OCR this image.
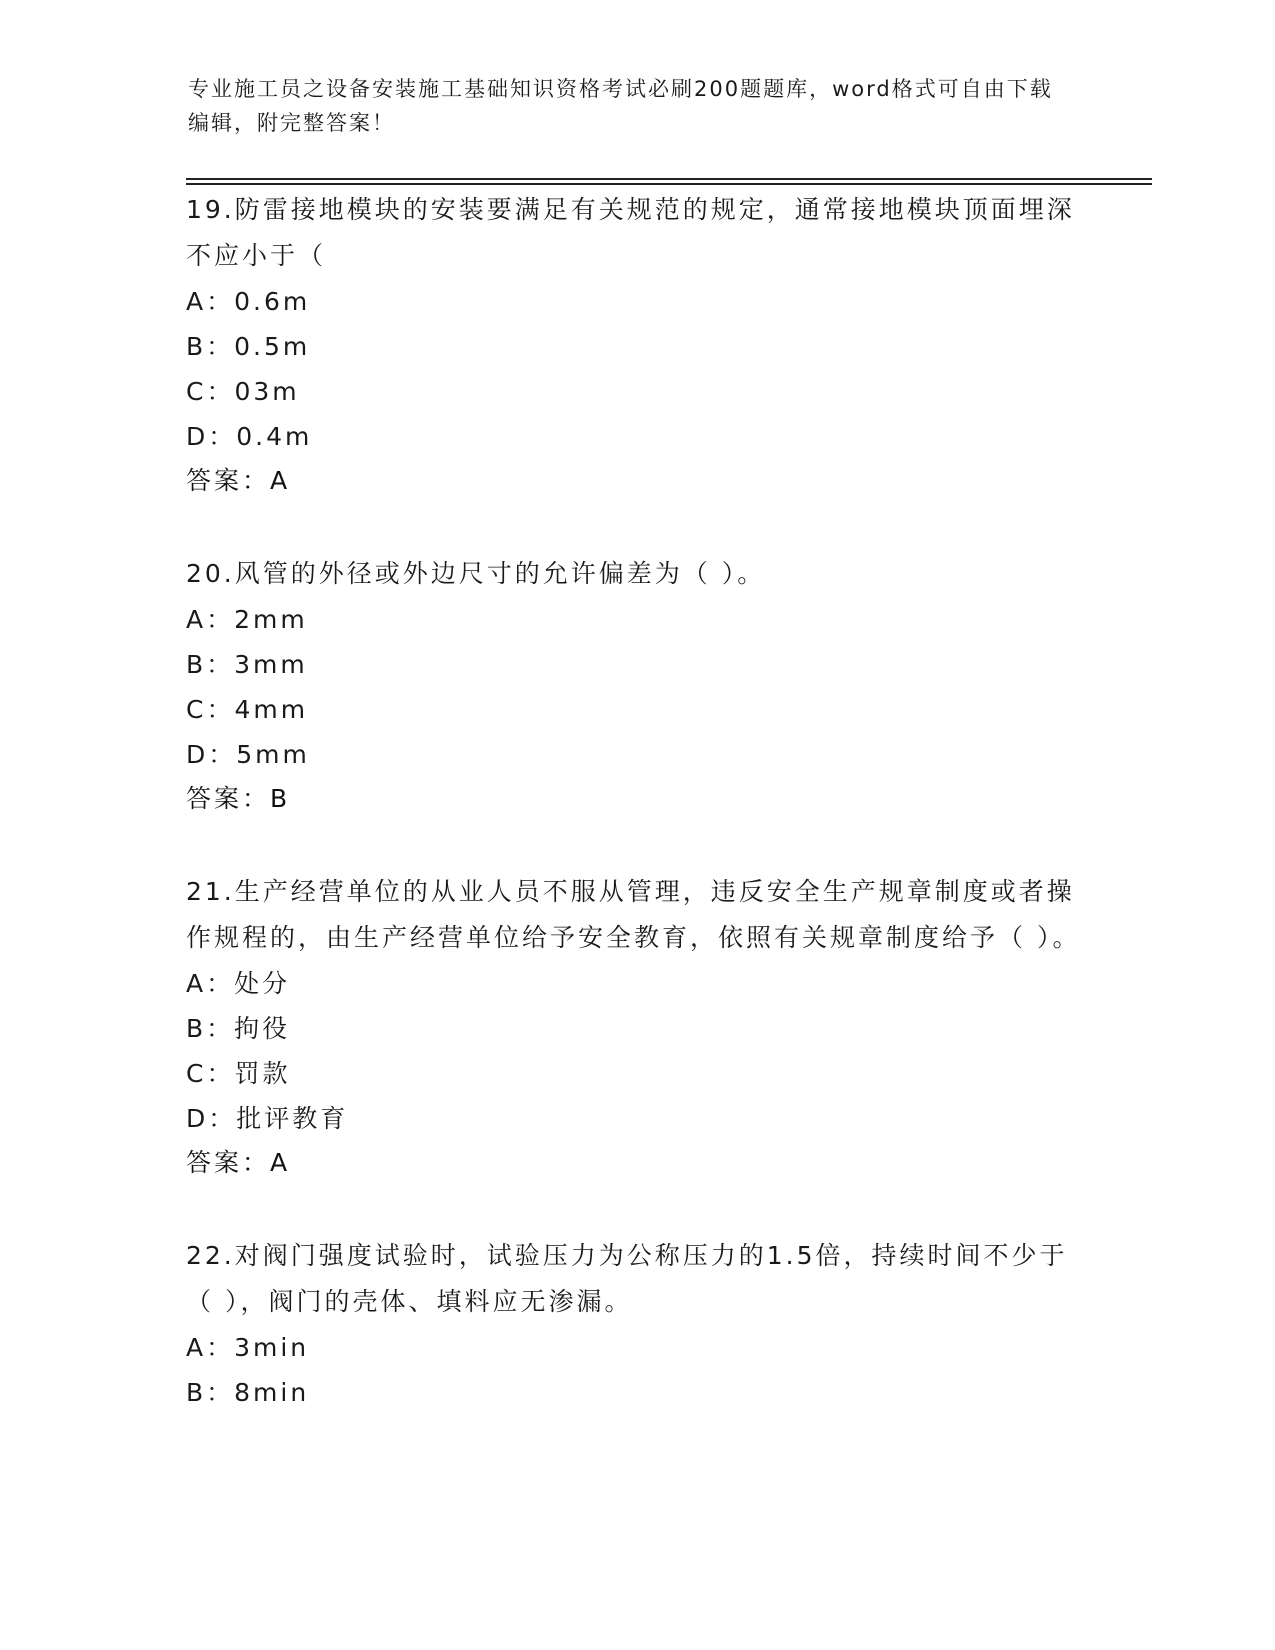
专业施工员之设备安装施工基础知识资格考试必刷200题题库，word格式可自由下载编辑，附完整答案！
19.防雷接地模块的安装要满足有关规范的规定，通常接地模块顶面埋深不应小于（
A：0.6m
B：0.5m
C：03m
D：0.4m
答案：A
20.风管的外径或外边尺寸的允许偏差为（ ）。
A：2mm
B：3mm
C：4mm
D：5mm
答案：B
21.生产经营单位的从业人员不服从管理，违反安全生产规章制度或者操作规程的，由生产经营单位给予安全教育，依照有关规章制度给予（ ）。
A：处分
B：拘役
C：罚款
D：批评教育
答案：A
22.对阀门强度试验时，试验压力为公称压力的1.5倍，持续时间不少于（ ），阀门的壳体、填料应无渗漏。
A：3min
B：8min
